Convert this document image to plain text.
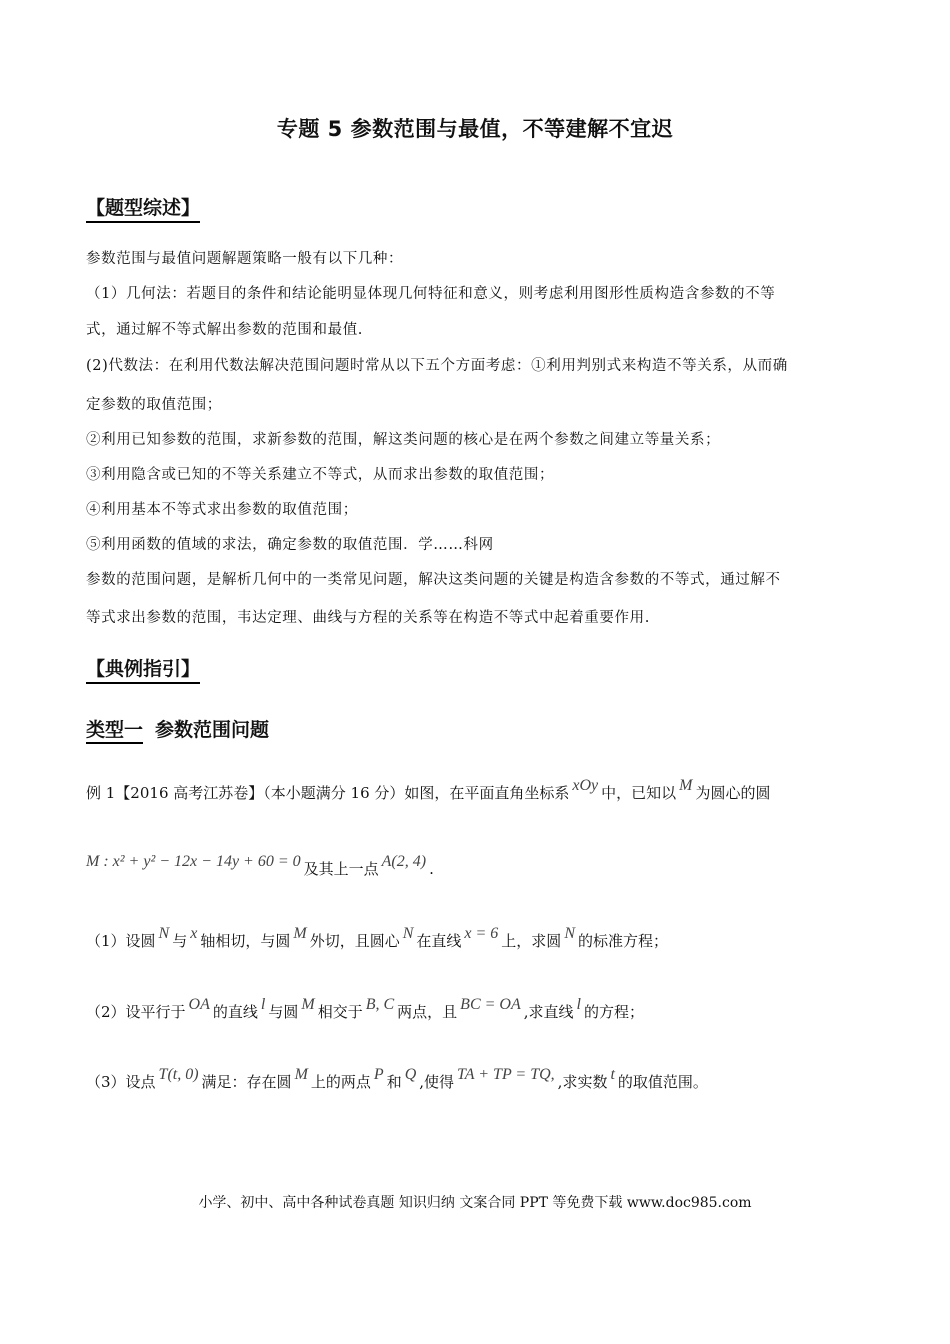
专题 5 参数范围与最值，不等建解不宜迟
【题型综述】
参数范围与最值问题解题策略一般有以下几种：
（1）几何法：若题目的条件和结论能明显体现几何特征和意义，则考虑利用图形性质构造含参数的不等
式，通过解不等式解出参数的范围和最值.
(2)代数法：在利用代数法解决范围问题时常从以下五个方面考虑：①利用判别式来构造不等关系，从而确
定参数的取值范围；
②利用已知参数的范围，求新参数的范围，解这类问题的核心是在两个参数之间建立等量关系；
③利用隐含或已知的不等关系建立不等式，从而求出参数的取值范围；
④利用基本不等式求出参数的取值范围；
⑤利用函数的值域的求法，确定参数的取值范围．学……科网
参数的范围问题，是解析几何中的一类常见问题，解决这类问题的关键是构造含参数的不等式，通过解不
等式求出参数的范围，韦达定理、曲线与方程的关系等在构造不等式中起着重要作用.
【典例指引】
类型一 参数范围问题
例 1【2016 高考江苏卷】（本小题满分 16 分）如图，在平面直角坐标系 xOy 中，已知以 M 为圆心的圆
M : x² + y² − 12x − 14y + 60 = 0 及其上一点 A(2, 4) .
（1）设圆 N 与 x 轴相切，与圆 M 外切，且圆心 N 在直线 x = 6 上，求圆 N 的标准方程；
（2）设平行于 OA 的直线 l 与圆 M 相交于 B, C 两点，且 BC = OA ,求直线 l 的方程；
（3）设点 T(t, 0) 满足：存在圆 M 上的两点 P 和 Q ,使得 TA + TP = TQ, ,求实数 t 的取值范围。
小学、初中、高中各种试卷真题 知识归纳 文案合同 PPT 等免费下载 www.doc985.com
